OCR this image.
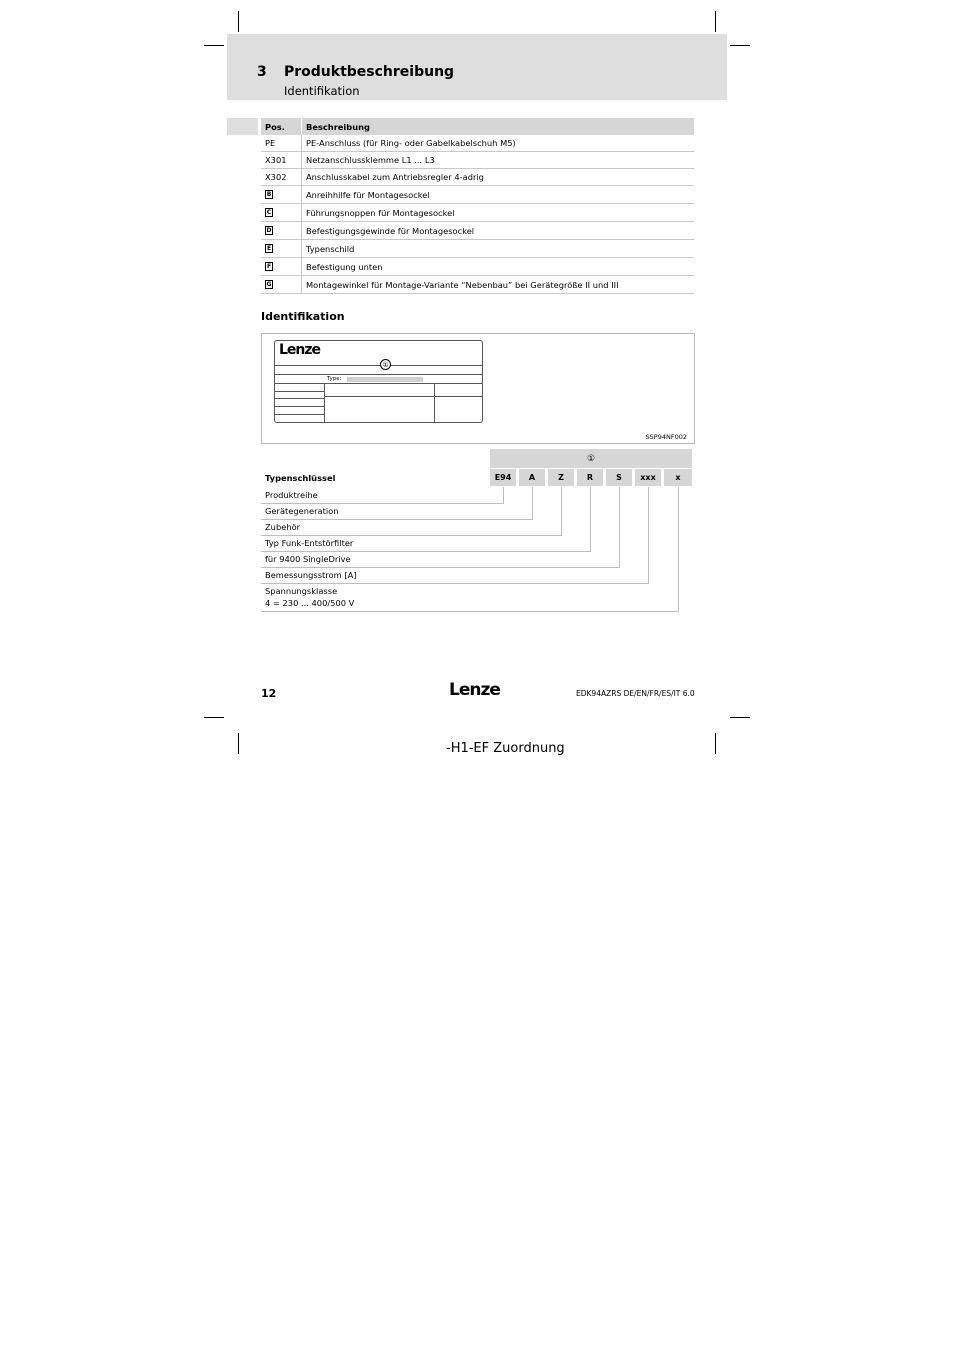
3 Produktbeschreibung
Identifikation
Pos.	Beschreibung
PE	PE-Anschluss (für Ring- oder Gabelkabelschuh M5)
X301	Netzanschlussklemme L1 ... L3
X302	Anschlusskabel zum Antriebsregler 4-adrig
B	Anreihhilfe für Montagesockel
C	Führungsnoppen für Montagesockel
D	Befestigungsgewinde für Montagesockel
E	Typenschild
F	Befestigung unten
G	Montagewinkel für Montage-Variante “Nebenbau” bei Gerätegröße II und III
Identifikation
Lenze
①
Type:
SSP94NF002
①
Typenschlüssel	E94	A	Z	R	S	xxx	x
Produktreihe
Gerätegeneration
Zubehör
Typ Funk-Entstörfilter
für 9400 SingleDrive
Bemessungsstrom [A]
Spannungsklasse
4 = 230 ... 400/500 V
12	Lenze	EDK94AZRS DE/EN/FR/ES/IT 6.0
-H1-EF Zuordnung
